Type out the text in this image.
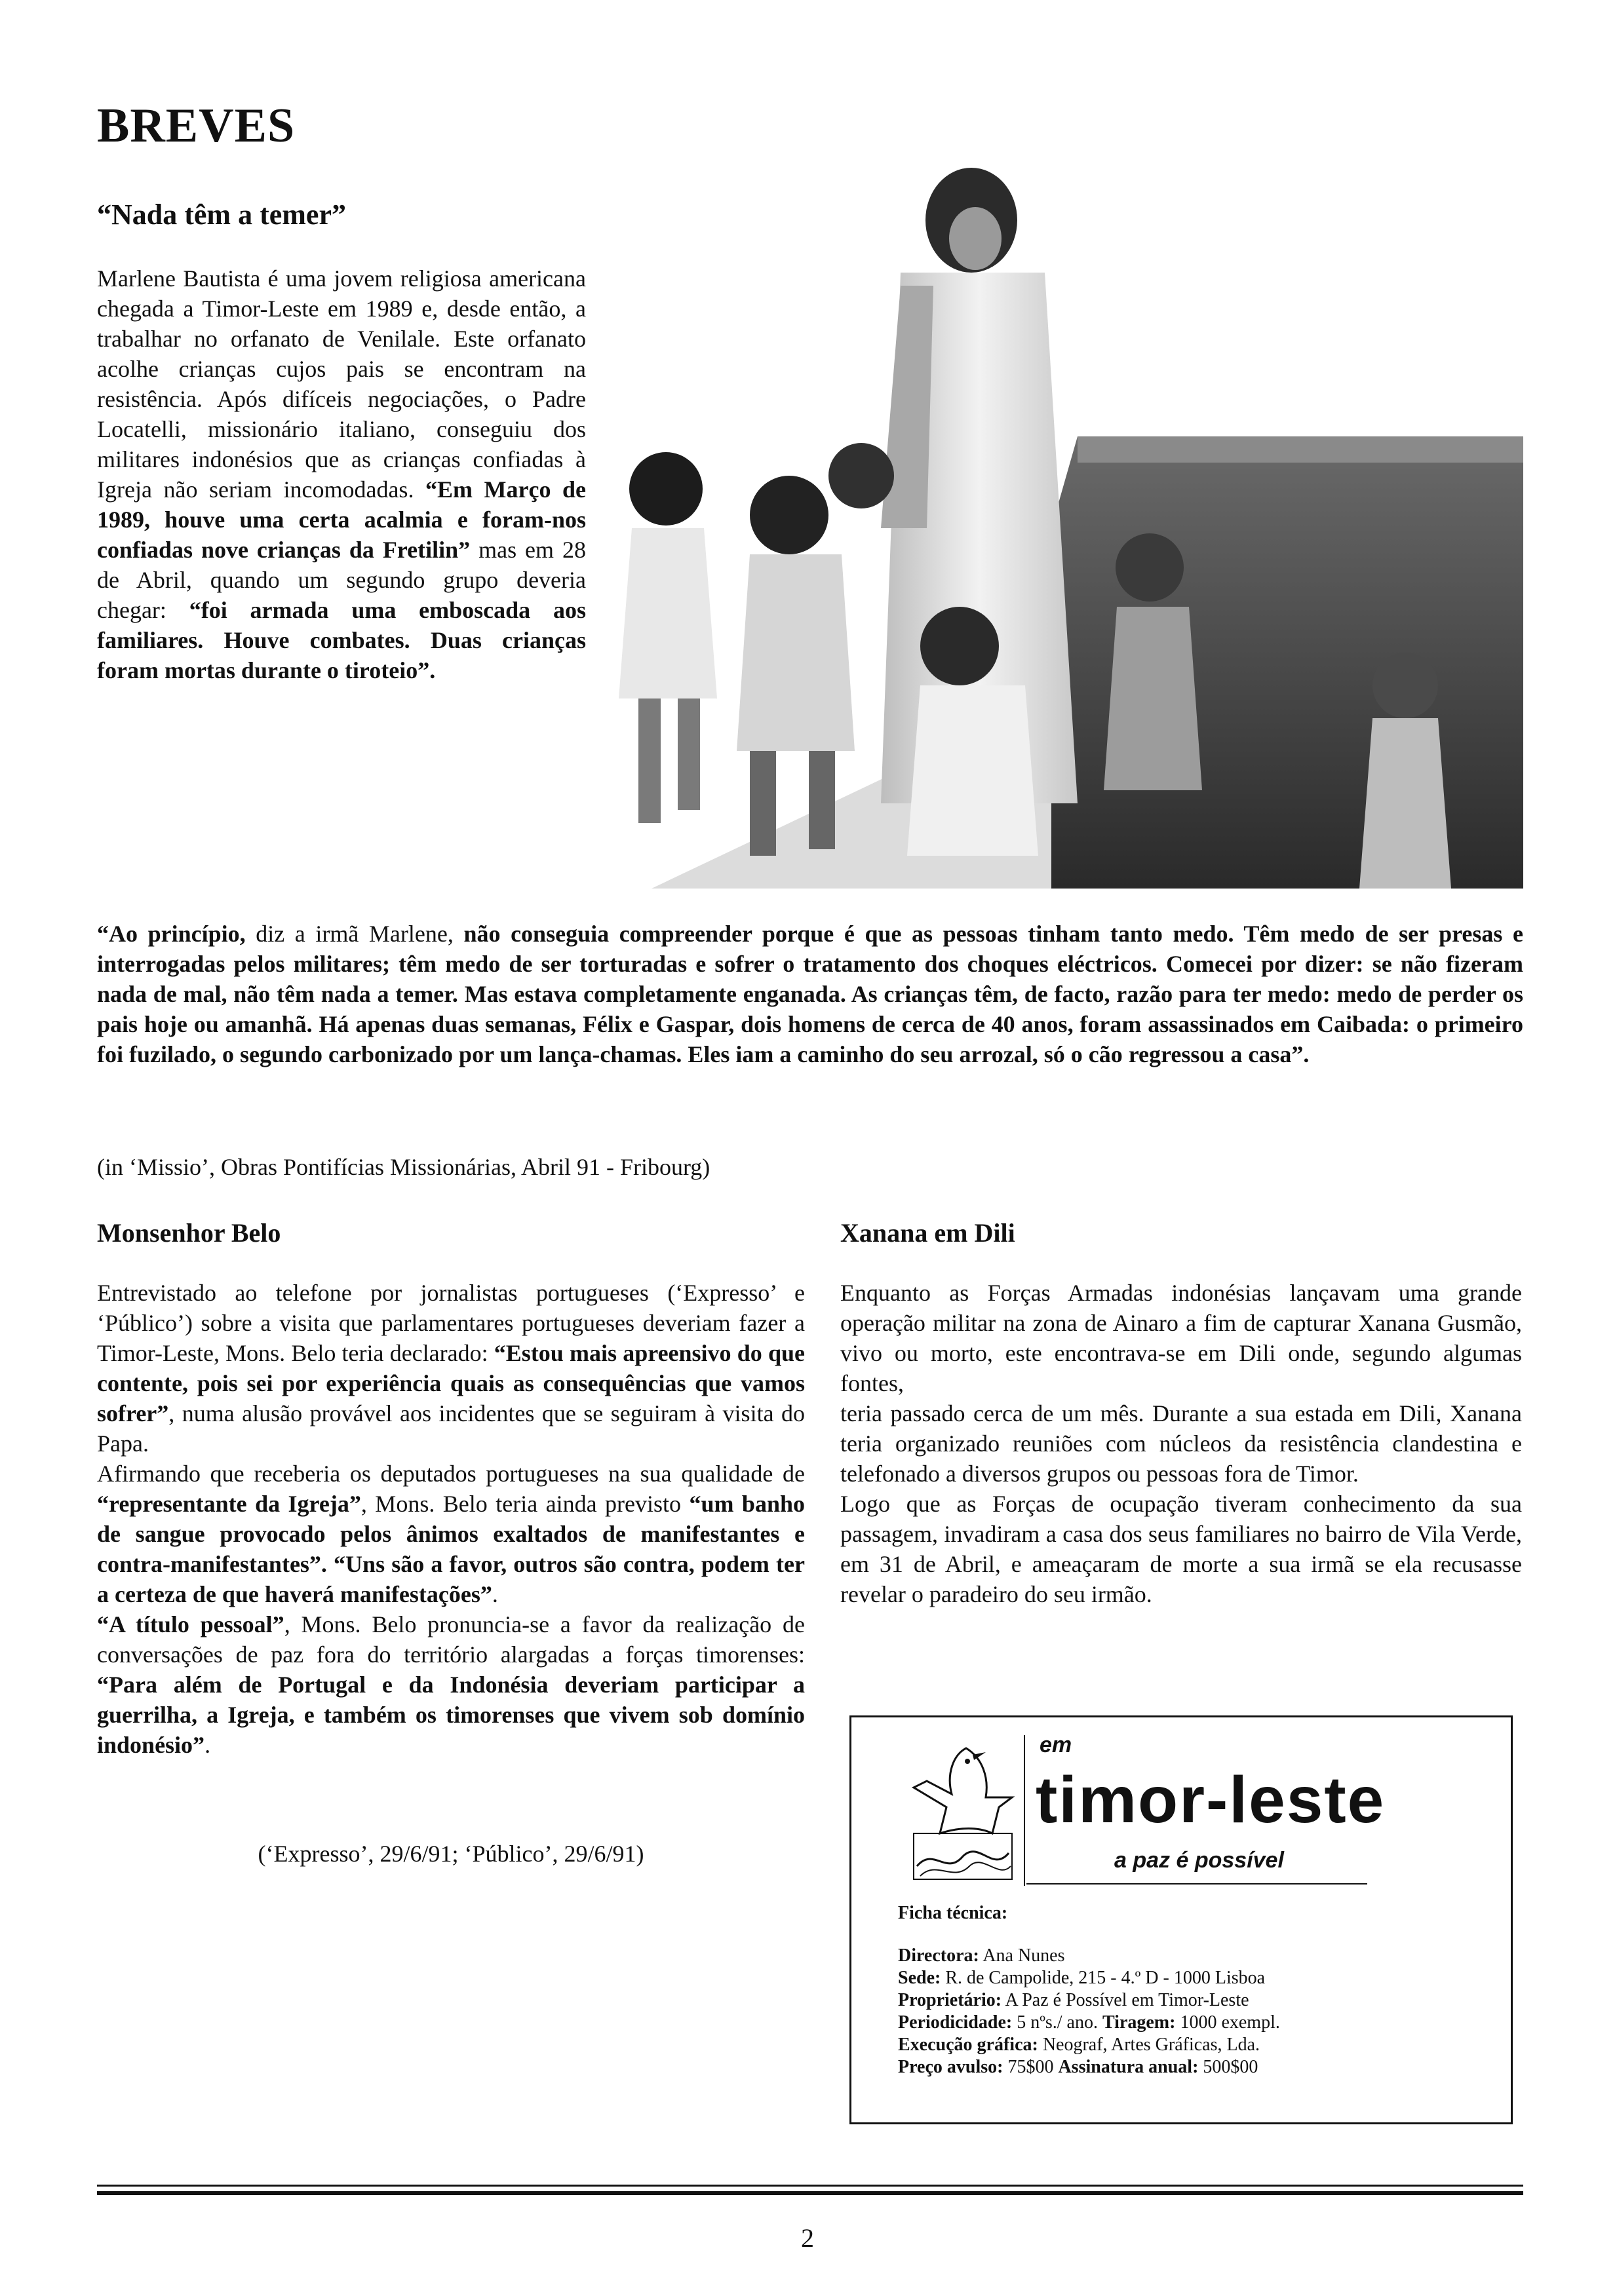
BREVES
“Nada têm a temer”

Marlene Bautista é uma jovem religiosa americana chegada a Timor-Leste em 1989 e, desde então, a trabalhar no orfanato de Venilale. Este orfanato acolhe crianças cujos pais se encontram na resistência. Após difíceis negociações, o Padre Locatelli, missionário italiano, conseguiu dos militares indonésios que as crianças confiadas à Igreja não seriam incomodadas. “Em Março de 1989, houve uma certa acalmia e foram-nos confiadas nove crianças da Fretilin” mas em 28 de Abril, quando um segundo grupo deveria chegar: “foi armada uma emboscada aos familiares. Houve combates. Duas crianças foram mortas durante o tiroteio”.

“Ao princípio, diz a irmã Marlene, não conseguia compreender porque é que as pessoas tinham tanto medo. Têm medo de ser presas e interrogadas pelos militares; têm medo de ser torturadas e sofrer o tratamento dos choques eléctricos. Comecei por dizer: se não fizeram nada de mal, não têm nada a temer. Mas estava completamente enganada. As crianças têm, de facto, razão para ter medo: medo de perder os pais hoje ou amanhã. Há apenas duas semanas, Félix e Gaspar, dois homens de cerca de 40 anos, foram assassinados em Caibada: o primeiro foi fuzilado, o segundo carbonizado por um lança-chamas. Eles iam a caminho do seu arrozal, só o cão regressou a casa”.

(in ‘Missio’, Obras Pontifícias Missionárias, Abril 91 - Fribourg)
Monsenhor Belo

Entrevistado ao telefone por jornalistas portugueses (‘Expresso’ e ‘Público’) sobre a visita que parlamentares portugueses deveriam fazer a Timor-Leste, Mons. Belo teria declarado: “Estou mais apreensivo do que contente, pois sei por experiência quais as consequências que vamos sofrer”, numa alusão provável aos incidentes que se seguiram à visita do Papa.

Afirmando que receberia os deputados portugueses na sua qualidade de “representante da Igreja”, Mons. Belo teria ainda previsto “um banho de sangue provocado pelos ânimos exaltados de manifestantes e contra-manifestantes”. “Uns são a favor, outros são contra, podem ter a certeza de que haverá manifestações”.

“A título pessoal”, Mons. Belo pronuncia-se a favor da realização de conversações de paz fora do território alargadas a forças timorenses: “Para além de Portugal e da Indonésia deveriam participar a guerrilha, a Igreja, e também os timorenses que vivem sob domínio indonésio”.

(‘Expresso’, 29/6/91; ‘Público’, 29/6/91)
Xanana em Dili

Enquanto as Forças Armadas indonésias lançavam uma grande operação militar na zona de Ainaro a fim de capturar Xanana Gusmão, vivo ou morto, este encontrava-se em Dili onde, segundo algumas fontes,

teria passado cerca de um mês. Durante a sua estada em Dili, Xanana teria organizado reuniões com núcleos da resistência clandestina e telefonado a diversos grupos ou pessoas fora de Timor.

Logo que as Forças de ocupação tiveram conhecimento da sua passagem, invadiram a casa dos seus familiares no bairro de Vila Verde, em 31 de Abril, e ameaçaram de morte a sua irmã se ela recusasse revelar o paradeiro do seu irmão.

em
timor-leste
a paz é possível
Ficha técnica:
Directora: Ana Nunes
Sede: R. de Campolide, 215 - 4.º D - 1000 Lisboa
Proprietário: A Paz é Possível em Timor-Leste
Periodicidade: 5 nºs./ ano. Tiragem: 1000 exempl.
Execução gráfica: Neograf, Artes Gráficas, Lda.
Preço avulso: 75$00 Assinatura anual: 500$00
2
